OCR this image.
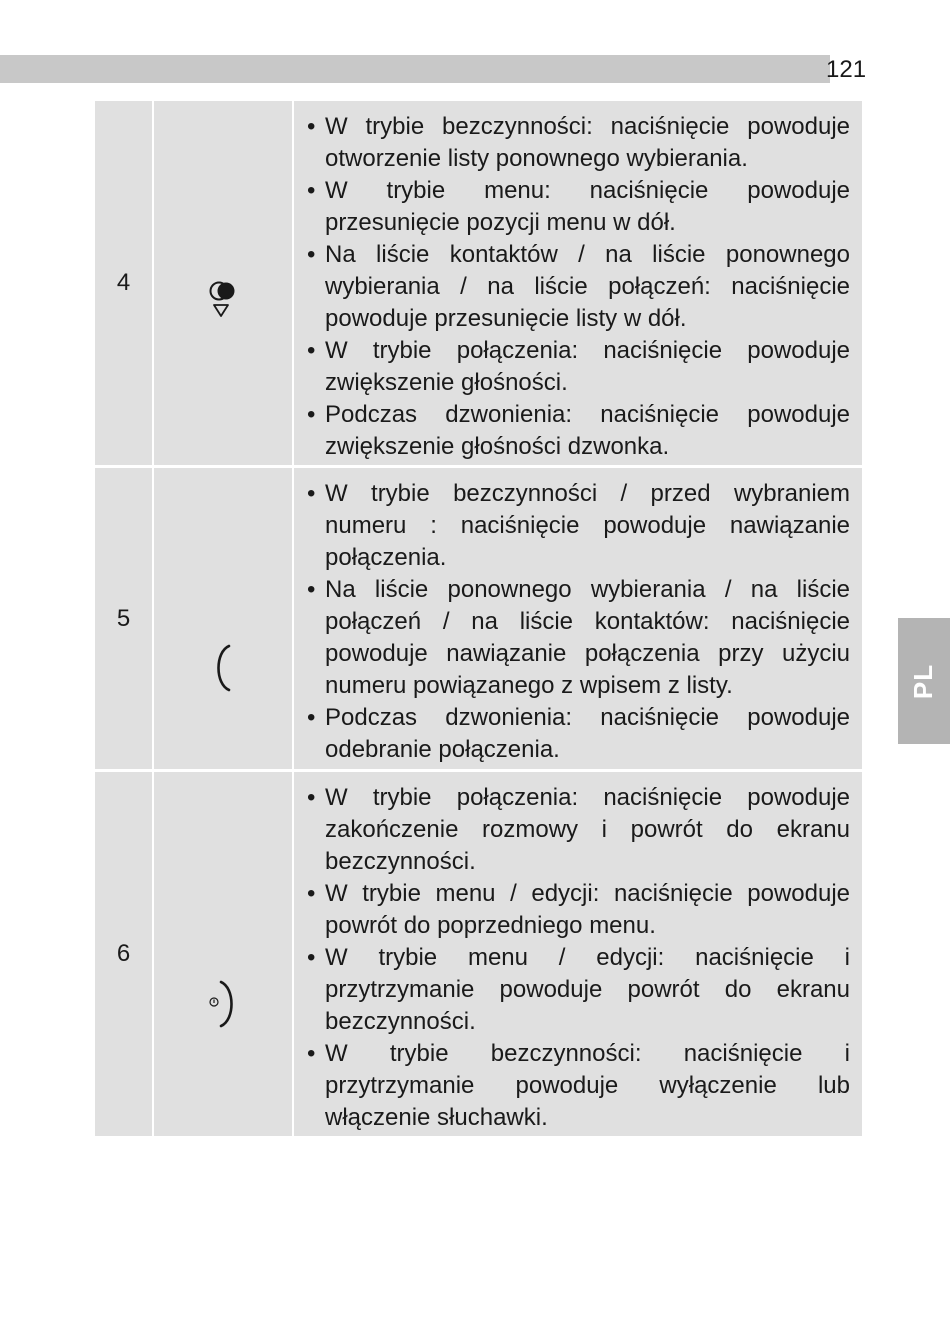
121
PL
4
• W trybie bezczynności: naciśnięcie powoduje otworzenie listy ponownego wybierania.
• W trybie menu: naciśnięcie powoduje przesunięcie pozycji menu w dół.
• Na liście kontaktów / na liście ponownego wybierania / na liście połączeń: naciśnięcie powoduje przesunięcie listy w dół.
• W trybie połączenia: naciśnięcie powoduje zwiększenie głośności.
• Podczas dzwonienia: naciśnięcie powoduje zwiększenie głośności dzwonka.
5
• W trybie bezczynności / przed wybraniem numeru : naciśnięcie powoduje nawiązanie połączenia.
• Na liście ponownego wybierania / na liście połączeń / na liście kontaktów: naciśnięcie powoduje nawiązanie połączenia przy użyciu numeru powiązanego z wpisem z listy.
• Podczas dzwonienia: naciśnięcie powoduje odebranie połączenia.
6
• W trybie połączenia: naciśnięcie powoduje zakończenie rozmowy i powrót do ekranu bezczynności.
• W trybie menu / edycji: naciśnięcie powoduje powrót do poprzedniego menu.
• W trybie menu / edycji: naciśnięcie i przytrzymanie powoduje powrót do ekranu bezczynności.
• W trybie bezczynności: naciśnięcie i przytrzymanie powoduje wyłączenie lub włączenie słuchawki.
